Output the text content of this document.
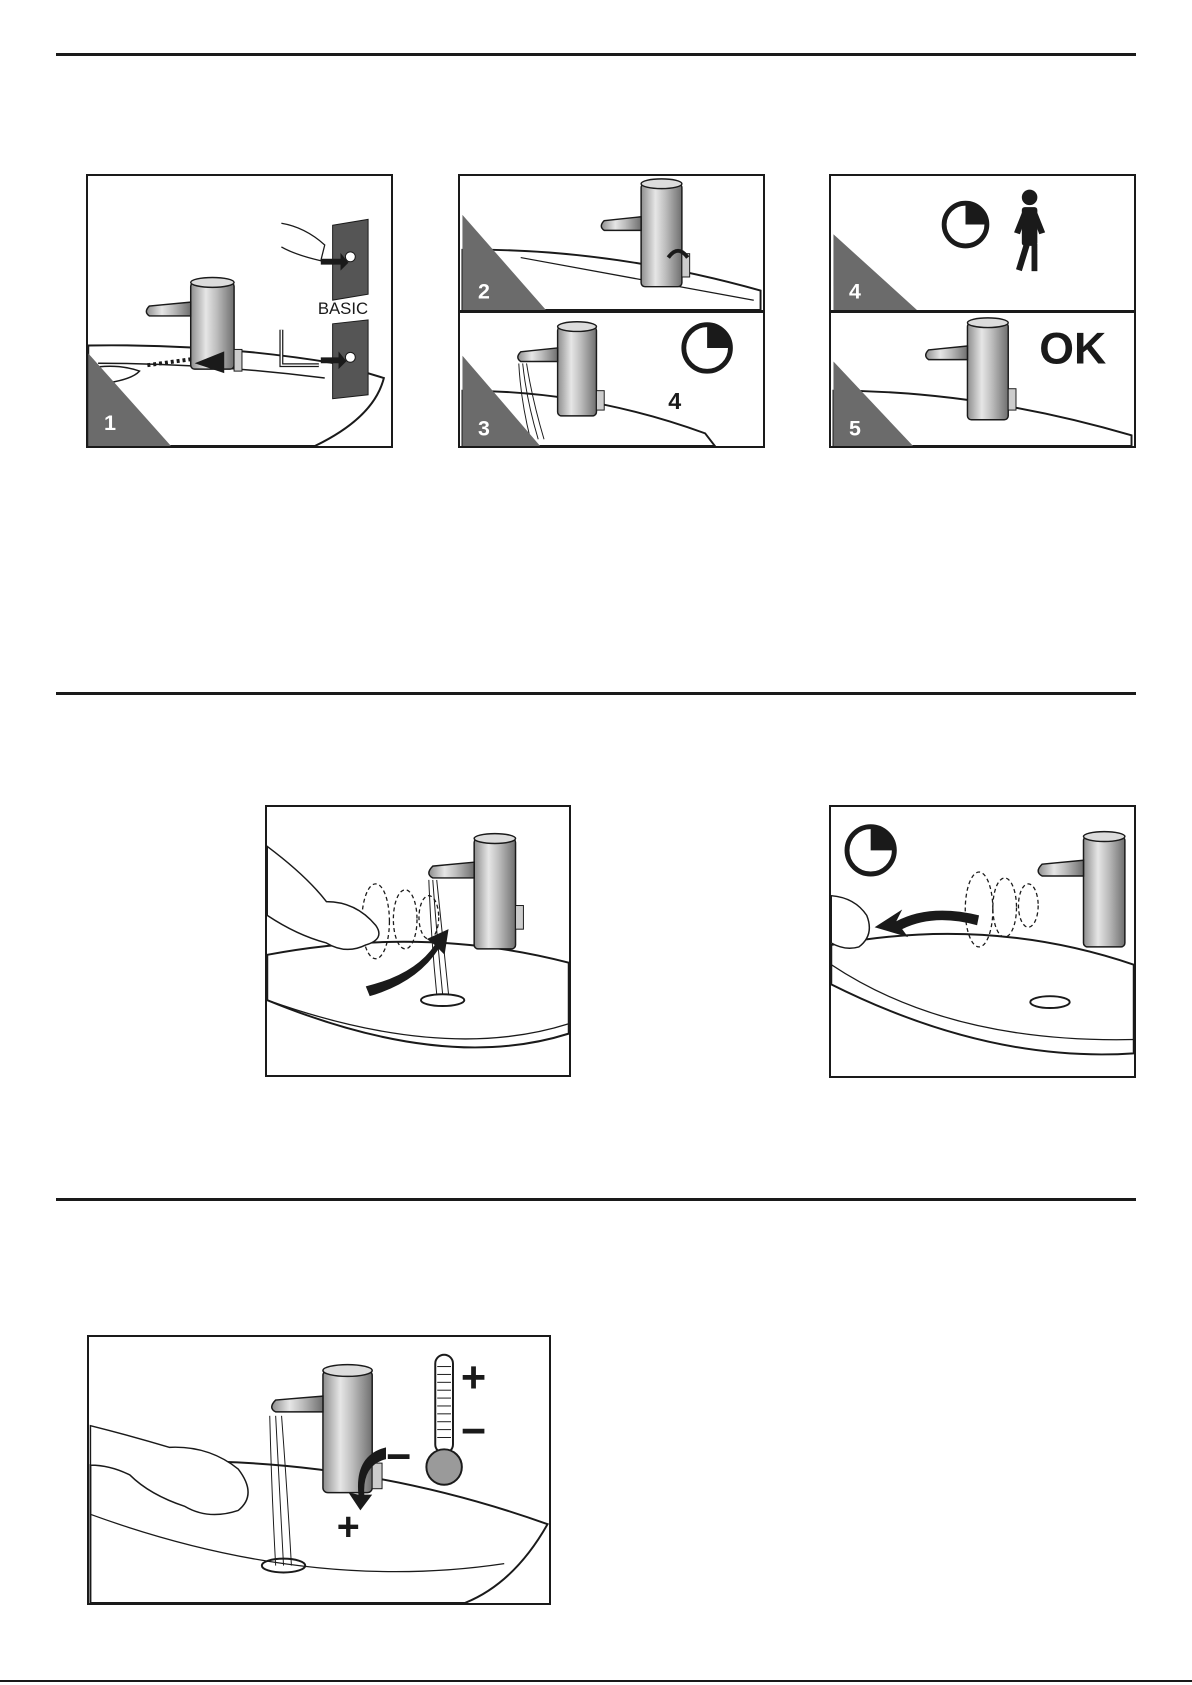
BASIC
1
2
4
3
4
OK
5
−
+
+
−
